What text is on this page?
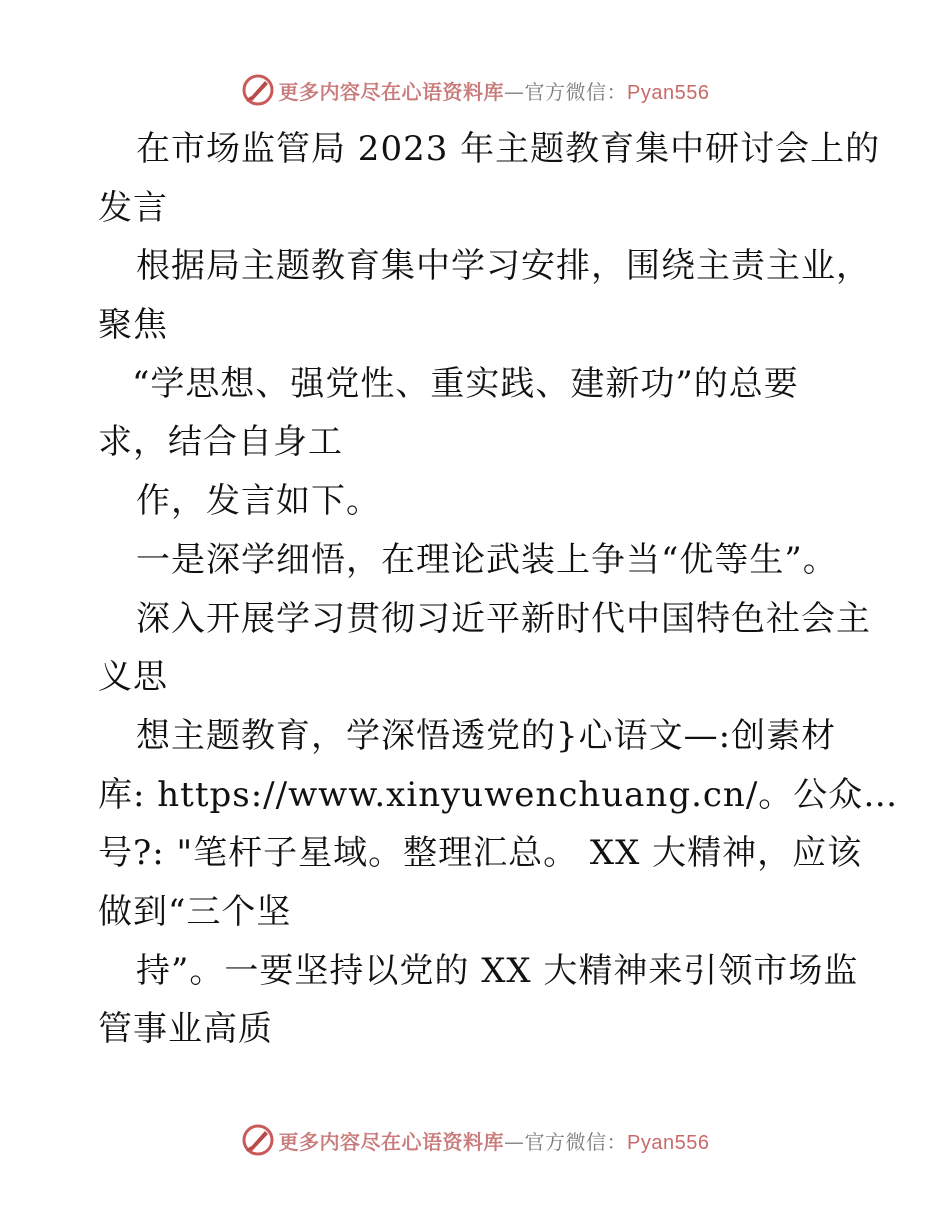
更多内容尽在心语资料库—官方微信：Pyan556
在市场监管局 2023 年主题教育集中研讨会上的
发言
根据局主题教育集中学习安排，围绕主责主业，
聚焦
“学思想、强党性、重实践、建新功”的总要
求，结合自身工
作，发言如下。
一是深学细悟，在理论武装上争当“优等生”。
深入开展学习贯彻习近平新时代中国特色社会主
义思
想主题教育，学深悟透党的}心语文—:创素材
库: https://www.xinyuwenchuang.cn/。公众…
号?: "笔杆子星域。整理汇总。 XX 大精神，应该
做到“三个坚
持”。一要坚持以党的 XX 大精神来引领市场监
管事业高质
更多内容尽在心语资料库—官方微信：Pyan556
